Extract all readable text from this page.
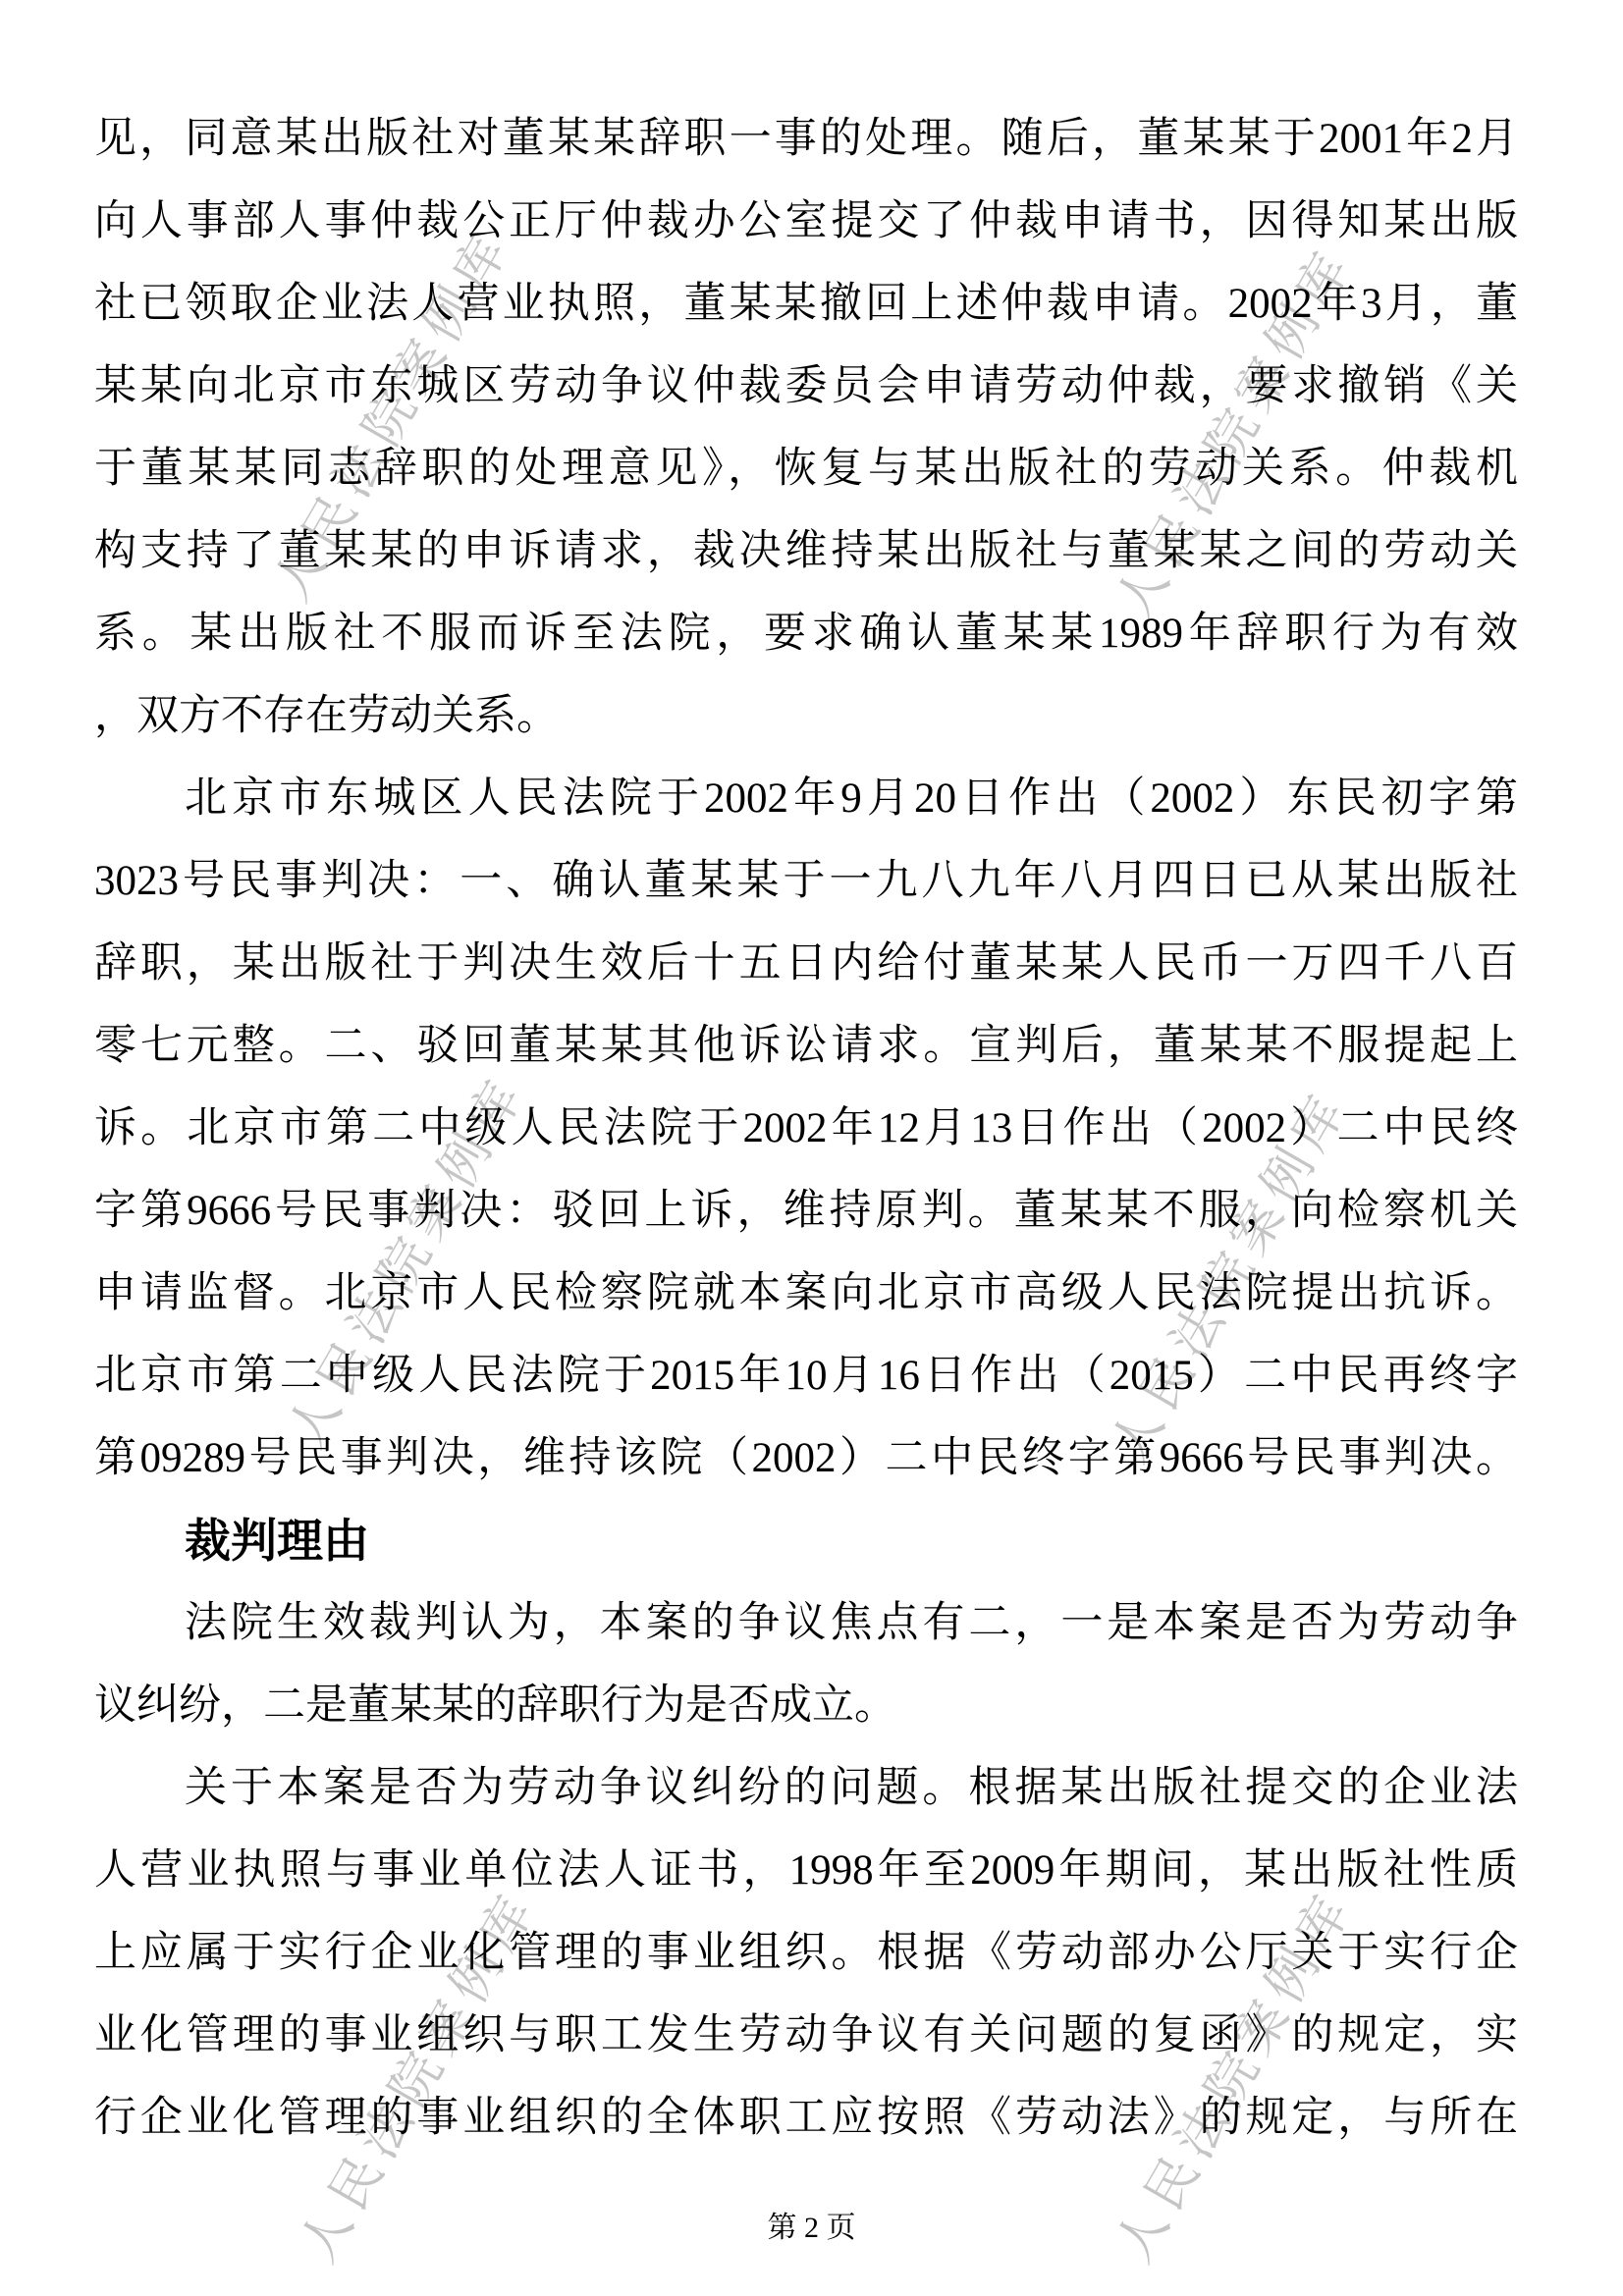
人民法院案例库	人民法院案例库
人民法院案例库	人民法院案例库
人民法院案例库	人民法院案例库
见，同意某出版社对董某某辞职一事的处理。随后，董某某于2001年2月
向人事部人事仲裁公正厅仲裁办公室提交了仲裁申请书，因得知某出版
社已领取企业法人营业执照，董某某撤回上述仲裁申请。2002年3月，董
某某向北京市东城区劳动争议仲裁委员会申请劳动仲裁，要求撤销《关
于董某某同志辞职的处理意见》，恢复与某出版社的劳动关系。仲裁机
构支持了董某某的申诉请求，裁决维持某出版社与董某某之间的劳动关
系。某出版社不服而诉至法院，要求确认董某某1989年辞职行为有效
，双方不存在劳动关系。
北京市东城区人民法院于2002年9月20日作出（2002）东民初字第
3023号民事判决：一、确认董某某于一九八九年八月四日已从某出版社
辞职，某出版社于判决生效后十五日内给付董某某人民币一万四千八百
零七元整。二、驳回董某某其他诉讼请求。宣判后，董某某不服提起上
诉。北京市第二中级人民法院于2002年12月13日作出（2002）二中民终
字第9666号民事判决：驳回上诉，维持原判。董某某不服，向检察机关
申请监督。北京市人民检察院就本案向北京市高级人民法院提出抗诉。
北京市第二中级人民法院于2015年10月16日作出（2015）二中民再终字
第09289号民事判决，维持该院（2002）二中民终字第9666号民事判决。
裁判理由
法院生效裁判认为，本案的争议焦点有二，一是本案是否为劳动争
议纠纷，二是董某某的辞职行为是否成立。
关于本案是否为劳动争议纠纷的问题。根据某出版社提交的企业法
人营业执照与事业单位法人证书，1998年至2009年期间，某出版社性质
上应属于实行企业化管理的事业组织。根据《劳动部办公厅关于实行企
业化管理的事业组织与职工发生劳动争议有关问题的复函》的规定，实
行企业化管理的事业组织的全体职工应按照《劳动法》的规定，与所在
第 2 页
